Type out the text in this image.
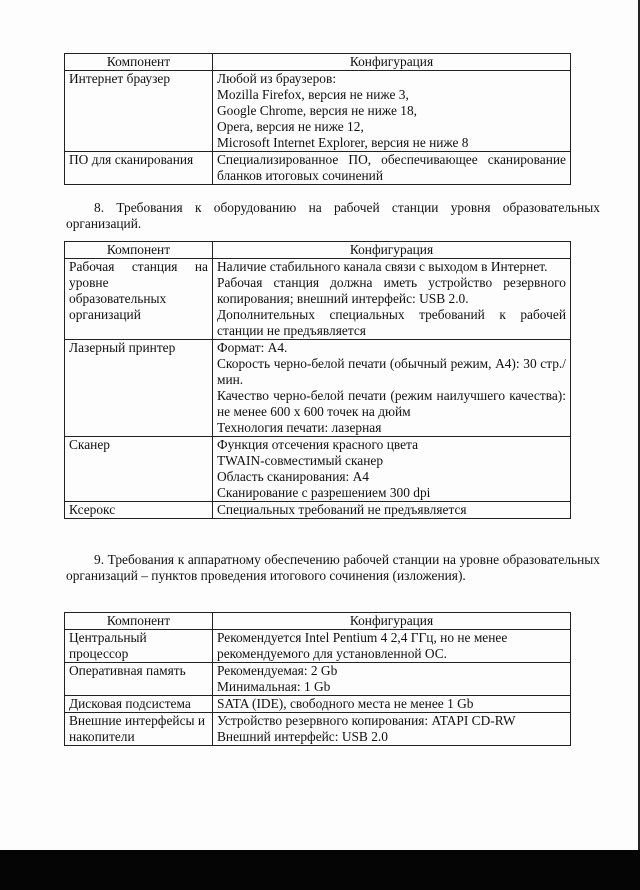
Компонент	Конфигурация
Интернет браузер	Любой из браузеров:
Mozilla Firefox, версия не ниже 3,
Google Chrome, версия не ниже 18,
Opera, версия не ниже 12,
Microsoft Internet Explorer, версия не ниже 8

ПО для сканирования	Специализированное ПО, обеспечивающее сканирование бланков итоговых сочинений

8. Требования к оборудованию на рабочей станции уровня образовательных организаций.

Компонент	Конфигурация
Рабочая станция на уровне образовательных организаций	Наличие стабильного канала связи с выходом в Интернет.
Рабочая станция должна иметь устройство резервного копирования; внешний интерфейс: USB 2.0.
Дополнительных специальных требований к рабочей станции не предъявляется

Лазерный принтер	Формат: А4.
Скорость черно-белой печати (обычный режим, А4): 30 стр./мин.
Качество черно-белой печати (режим наилучшего качества): не менее 600 х 600 точек на дюйм
Технология печати: лазерная

Сканер	Функция отсечения красного цвета
TWAIN-совместимый сканер
Область сканирования: А4
Сканирование с разрешением 300 dpi

Ксерокс	Специальных требований не предъявляется

9. Требования к аппаратному обеспечению рабочей станции на уровне образовательных организаций – пунктов проведения итогового сочинения (изложения).

Компонент	Конфигурация
Центральный процессор	Рекомендуется Intel Pentium 4 2,4 ГГц, но не менее рекомендуемого для установленной ОС.

Оперативная память	Рекомендуемая: 2 Gb
Минимальная: 1 Gb

Дисковая подсистема	SATA (IDE), свободного места не менее 1 Gb

Внешние интерфейсы и накопители	Устройство резервного копирования: ATAPI CD-RW
Внешний интерфейс: USB 2.0
